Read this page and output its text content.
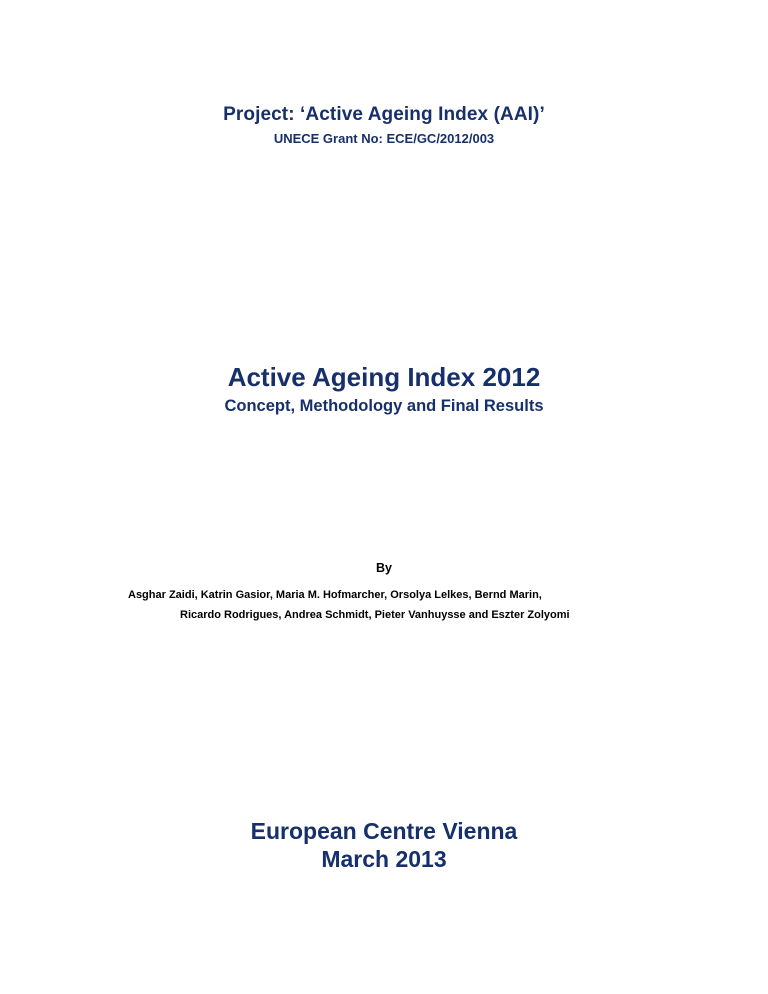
Project: ‘Active Ageing Index (AAI)’
UNECE Grant No: ECE/GC/2012/003
Active Ageing Index 2012
Concept, Methodology and Final Results
By
Asghar Zaidi, Katrin Gasior, Maria M. Hofmarcher, Orsolya Lelkes, Bernd Marin,
Ricardo Rodrigues, Andrea Schmidt, Pieter Vanhuysse and Eszter Zolyomi
European Centre Vienna
March 2013
